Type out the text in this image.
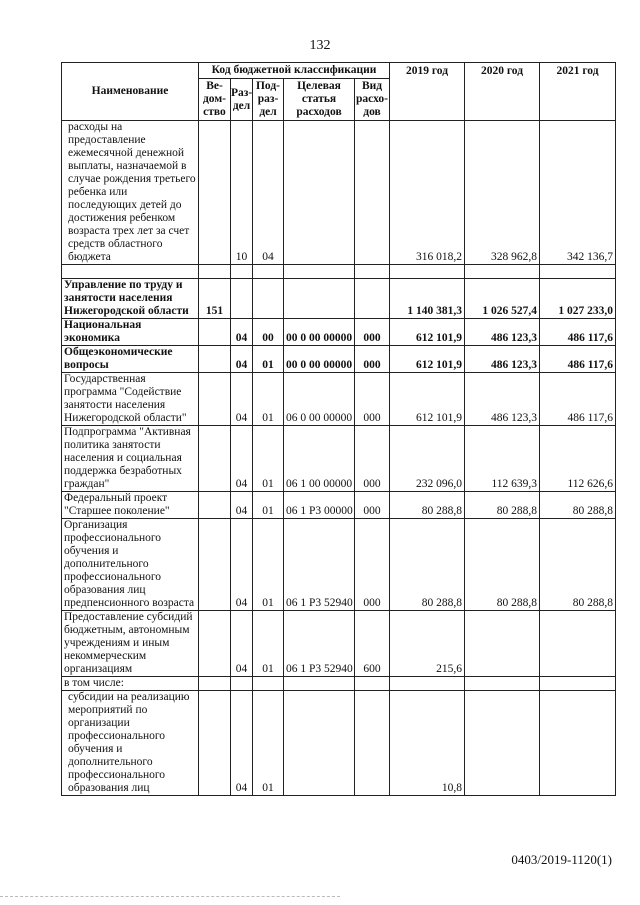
132
Наименование	Код бюджетной классификации					2019 год	2020 год	2021 год
	Ве-дом-ство	Раз-дел	Под-раз-дел	Целевая статья расходов	Вид расхо-дов			
расходы на предоставление ежемесячной денежной выплаты, назначаемой в случае рождения третьего ребенка или последующих детей до достижения ребенком возраста трех лет за счет средств областного бюджета		10	04			316 018,2	328 962,8	342 136,7

Управление по труду и занятости населения Нижегородской области	151					1 140 381,3	1 026 527,4	1 027 233,0
Национальная экономика		04	00	00 0 00 00000	000	612 101,9	486 123,3	486 117,6
Общеэкономические вопросы		04	01	00 0 00 00000	000	612 101,9	486 123,3	486 117,6
Государственная программа "Содействие занятости населения Нижегородской области"		04	01	06 0 00 00000	000	612 101,9	486 123,3	486 117,6
Подпрограмма "Активная политика занятости населения и социальная поддержка безработных граждан"		04	01	06 1 00 00000	000	232 096,0	112 639,3	112 626,6
Федеральный проект "Старшее поколение"		04	01	06 1 P3 00000	000	80 288,8	80 288,8	80 288,8
Организация профессионального обучения и дополнительного профессионального образования лиц предпенсионного возраста		04	01	06 1 P3 52940	000	80 288,8	80 288,8	80 288,8
Предоставление субсидий бюджетным, автономным учреждениям и иным некоммерческим организациям		04	01	06 1 P3 52940	600	215,6		
в том числе:								
субсидии на реализацию мероприятий по организации профессионального обучения и дополнительного профессионального образования лиц		04	01			10,8		
0403/2019-1120(1)
